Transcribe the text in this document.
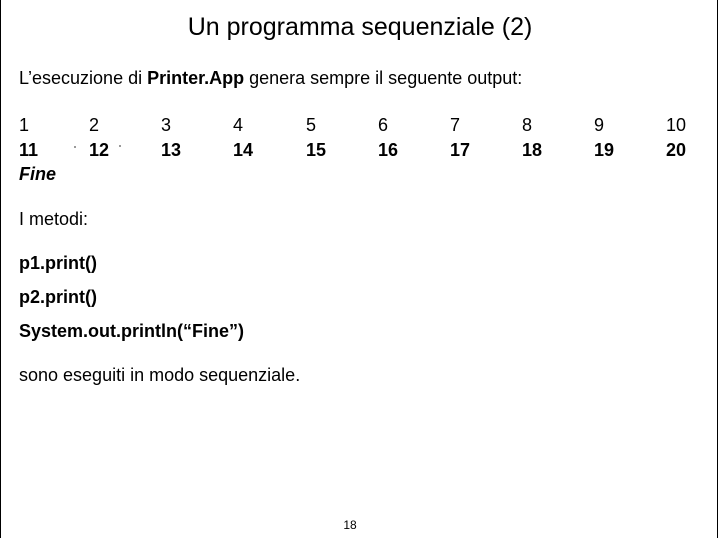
Un programma sequenziale (2)
L’esecuzione di Printer.App genera sempre il seguente output:
1	2	3	4	5	6	7	8	9	10
11	12	13	14	15	16	17	18	19	20
Fine
I metodi:
p1.print()
p2.print()
System.out.println(“Fine”)
sono eseguiti in modo sequenziale.
18
